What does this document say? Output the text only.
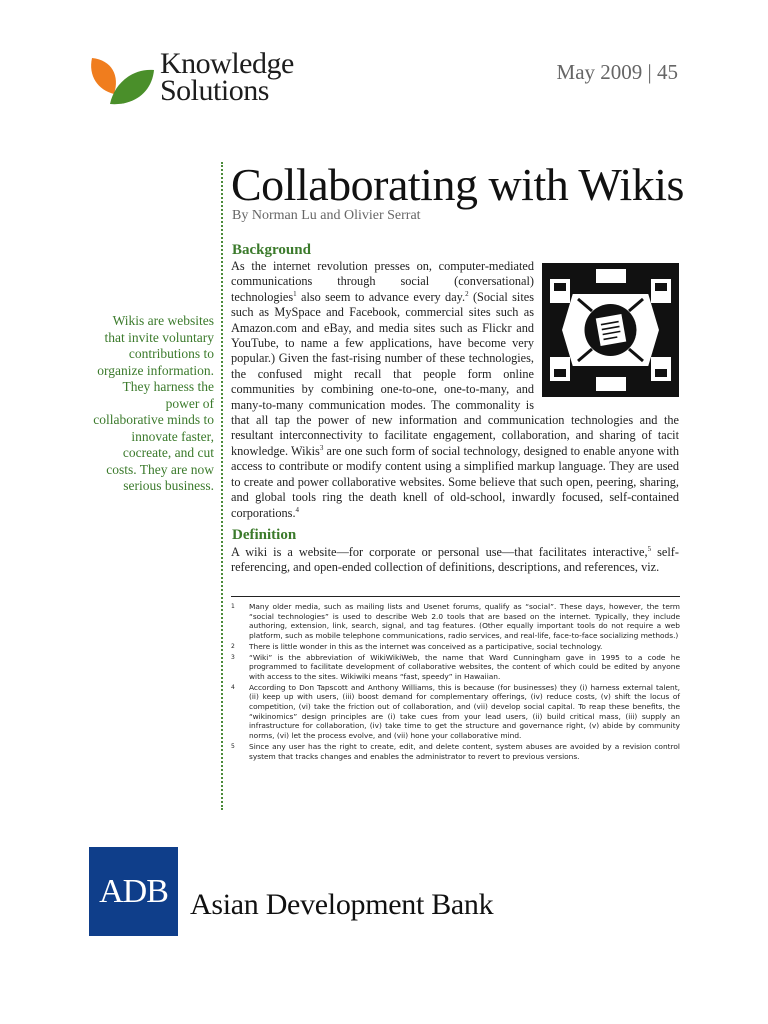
Knowledge
Solutions
May 2009 | 45
Collaborating with Wikis
By Norman Lu and Olivier Serrat

Wikis are websites that invite voluntary contributions to organize information. They harness the power of collaborative minds to innovate faster, cocreate, and cut costs. They are now serious business.

Background

As the internet revolution presses on, computer-mediated communications through social (conversational) technologies$^1$ also seem to advance every day.$^2$ (Social sites such as MySpace and Facebook, commercial sites such as Amazon.com and eBay, and media sites such as Flickr and YouTube, to name a few applications, have become very popular.) Given the fast-rising number of these technologies, the confused might recall that people form online communities by combining one-to-one, one-to-many, and many-to-many communication modes. The commonality is that all tap the power of new information and communication technologies and the resultant interconnectivity to facilitate engagement, collaboration, and sharing of tacit knowledge. Wikis$^3$ are one such form of social technology, designed to enable anyone with access to contribute or modify content using a simplified markup language. They are used to create and power collaborative websites. Some believe that such open, peering, sharing, and global tools ring the death knell of old-school, inwardly focused, self-contained corporations.$^4$

Definition

A wiki is a website—for corporate or personal use—that facilitates interactive,$^5$ self-referencing, and open-ended collection of definitions, descriptions, and references, viz.

1	Many older media, such as mailing lists and Usenet forums, qualify as “social”. These days, however, the term “social technologies” is used to describe Web 2.0 tools that are based on the internet. Typically, they include authoring, extension, link, search, signal, and tag features. (Other equally important tools do not require a web platform, such as mobile telephone communications, radio services, and real-life, face-to-face socializing methods.)
2	There is little wonder in this as the internet was conceived as a participative, social technology.
3	“Wiki” is the abbreviation of WikiWikiWeb, the name that Ward Cunningham gave in 1995 to a code he programmed to facilitate development of collaborative websites, the content of which could be edited by anyone with access to the sites. Wikiwiki means “fast, speedy” in Hawaiian.
4	According to Don Tapscott and Anthony Williams, this is because (for businesses) they (i) harness external talent, (ii) keep up with users, (iii) boost demand for complementary offerings, (iv) reduce costs, (v) shift the locus of competition, (vi) take the friction out of collaboration, and (vii) develop social capital. To reap these benefits, the “wikinomics” design principles are (i) take cues from your lead users, (ii) build critical mass, (iii) supply an infrastructure for collaboration, (iv) take time to get the structure and governance right, (v) abide by community norms, (vi) let the process evolve, and (vii) hone your collaborative mind.
5	Since any user has the right to create, edit, and delete content, system abuses are avoided by a revision control system that tracks changes and enables the administrator to revert to previous versions.
ADB Asian Development Bank
